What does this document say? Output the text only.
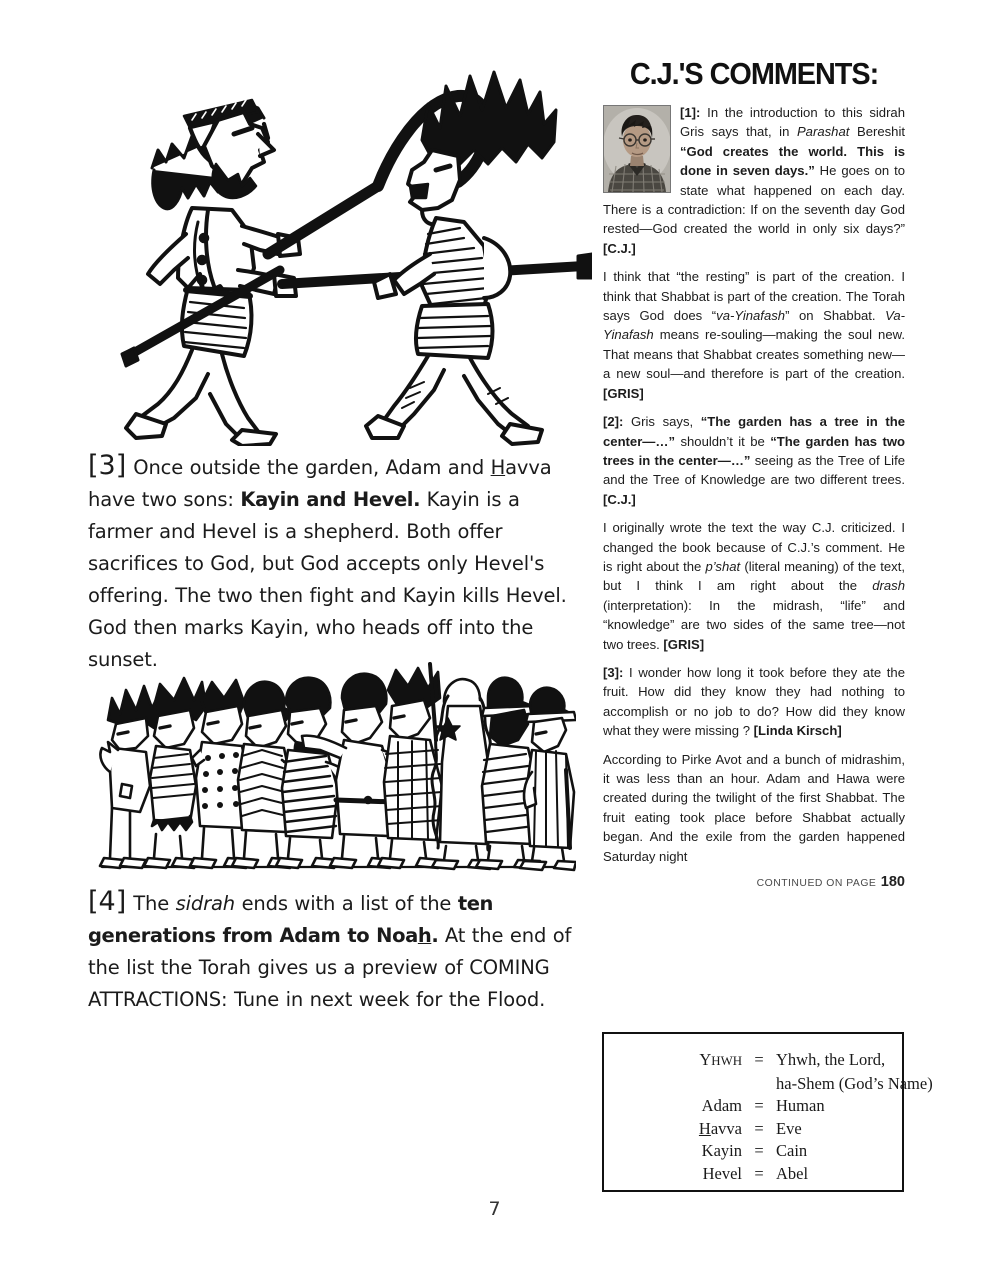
[3] Once outside the garden, Adam and Havva have two sons: Kayin and Hevel. Kayin is a farmer and Hevel is a shepherd. Both offer sacrifices to God, but God accepts only Hevel's offering. The two then fight and Kayin kills Hevel. God then marks Kayin, who heads off into the sunset.

[4] The sidrah ends with a list of the ten generations from Adam to Noah. At the end of the list the Torah gives us a preview of COMING ATTRACTIONS: Tune in next week for the Flood.

C.J.'S COMMENTS:

[1]: In the introduction to this sidrah Gris says that, in Parashat Bereshit “God creates the world. This is done in seven days.” He goes on to state what happened on each day. There is a contradiction: If on the seventh day God rested—God created the world in only six days?” [C.J.]

I think that “the resting” is part of the creation. I think that Shabbat is part of the creation. The Torah says God does “va-Yinafash” on Shabbat. Va-Yinafash means re-souling—making the soul new. That means that Shabbat creates something new—a new soul—and therefore is part of the creation. [GRIS]

[2]: Gris says, “The garden has a tree in the center—…” shouldn’t it be “The garden has two trees in the center—…” seeing as the Tree of Life and the Tree of Knowledge are two different trees. [C.J.]

I originally wrote the text the way C.J. criticized. I changed the book because of C.J.’s comment. He is right about the p’shat (literal meaning) of the text, but I think I am right about the drash (interpretation): In the midrash, “life” and “knowledge” are two sides of the same tree—not two trees. [GRIS]

[3]: I wonder how long it took before they ate the fruit. How did they know they had nothing to accomplish or no job to do? How did they know what they were missing ? [Linda Kirsch]

According to Pirke Avot and a bunch of midrashim, it was less than an hour. Adam and Hawa were created during the twilight of the first Shabbat. The fruit eating took place before Shabbat actually began. And the exile from the garden happened Saturday night

CONTINUED ON PAGE 180
YHWH = Yhwh, the Lord,
ha-Shem (God’s Name)
Adam = Human
Havva = Eve
Kayin = Cain
Hevel = Abel
7
